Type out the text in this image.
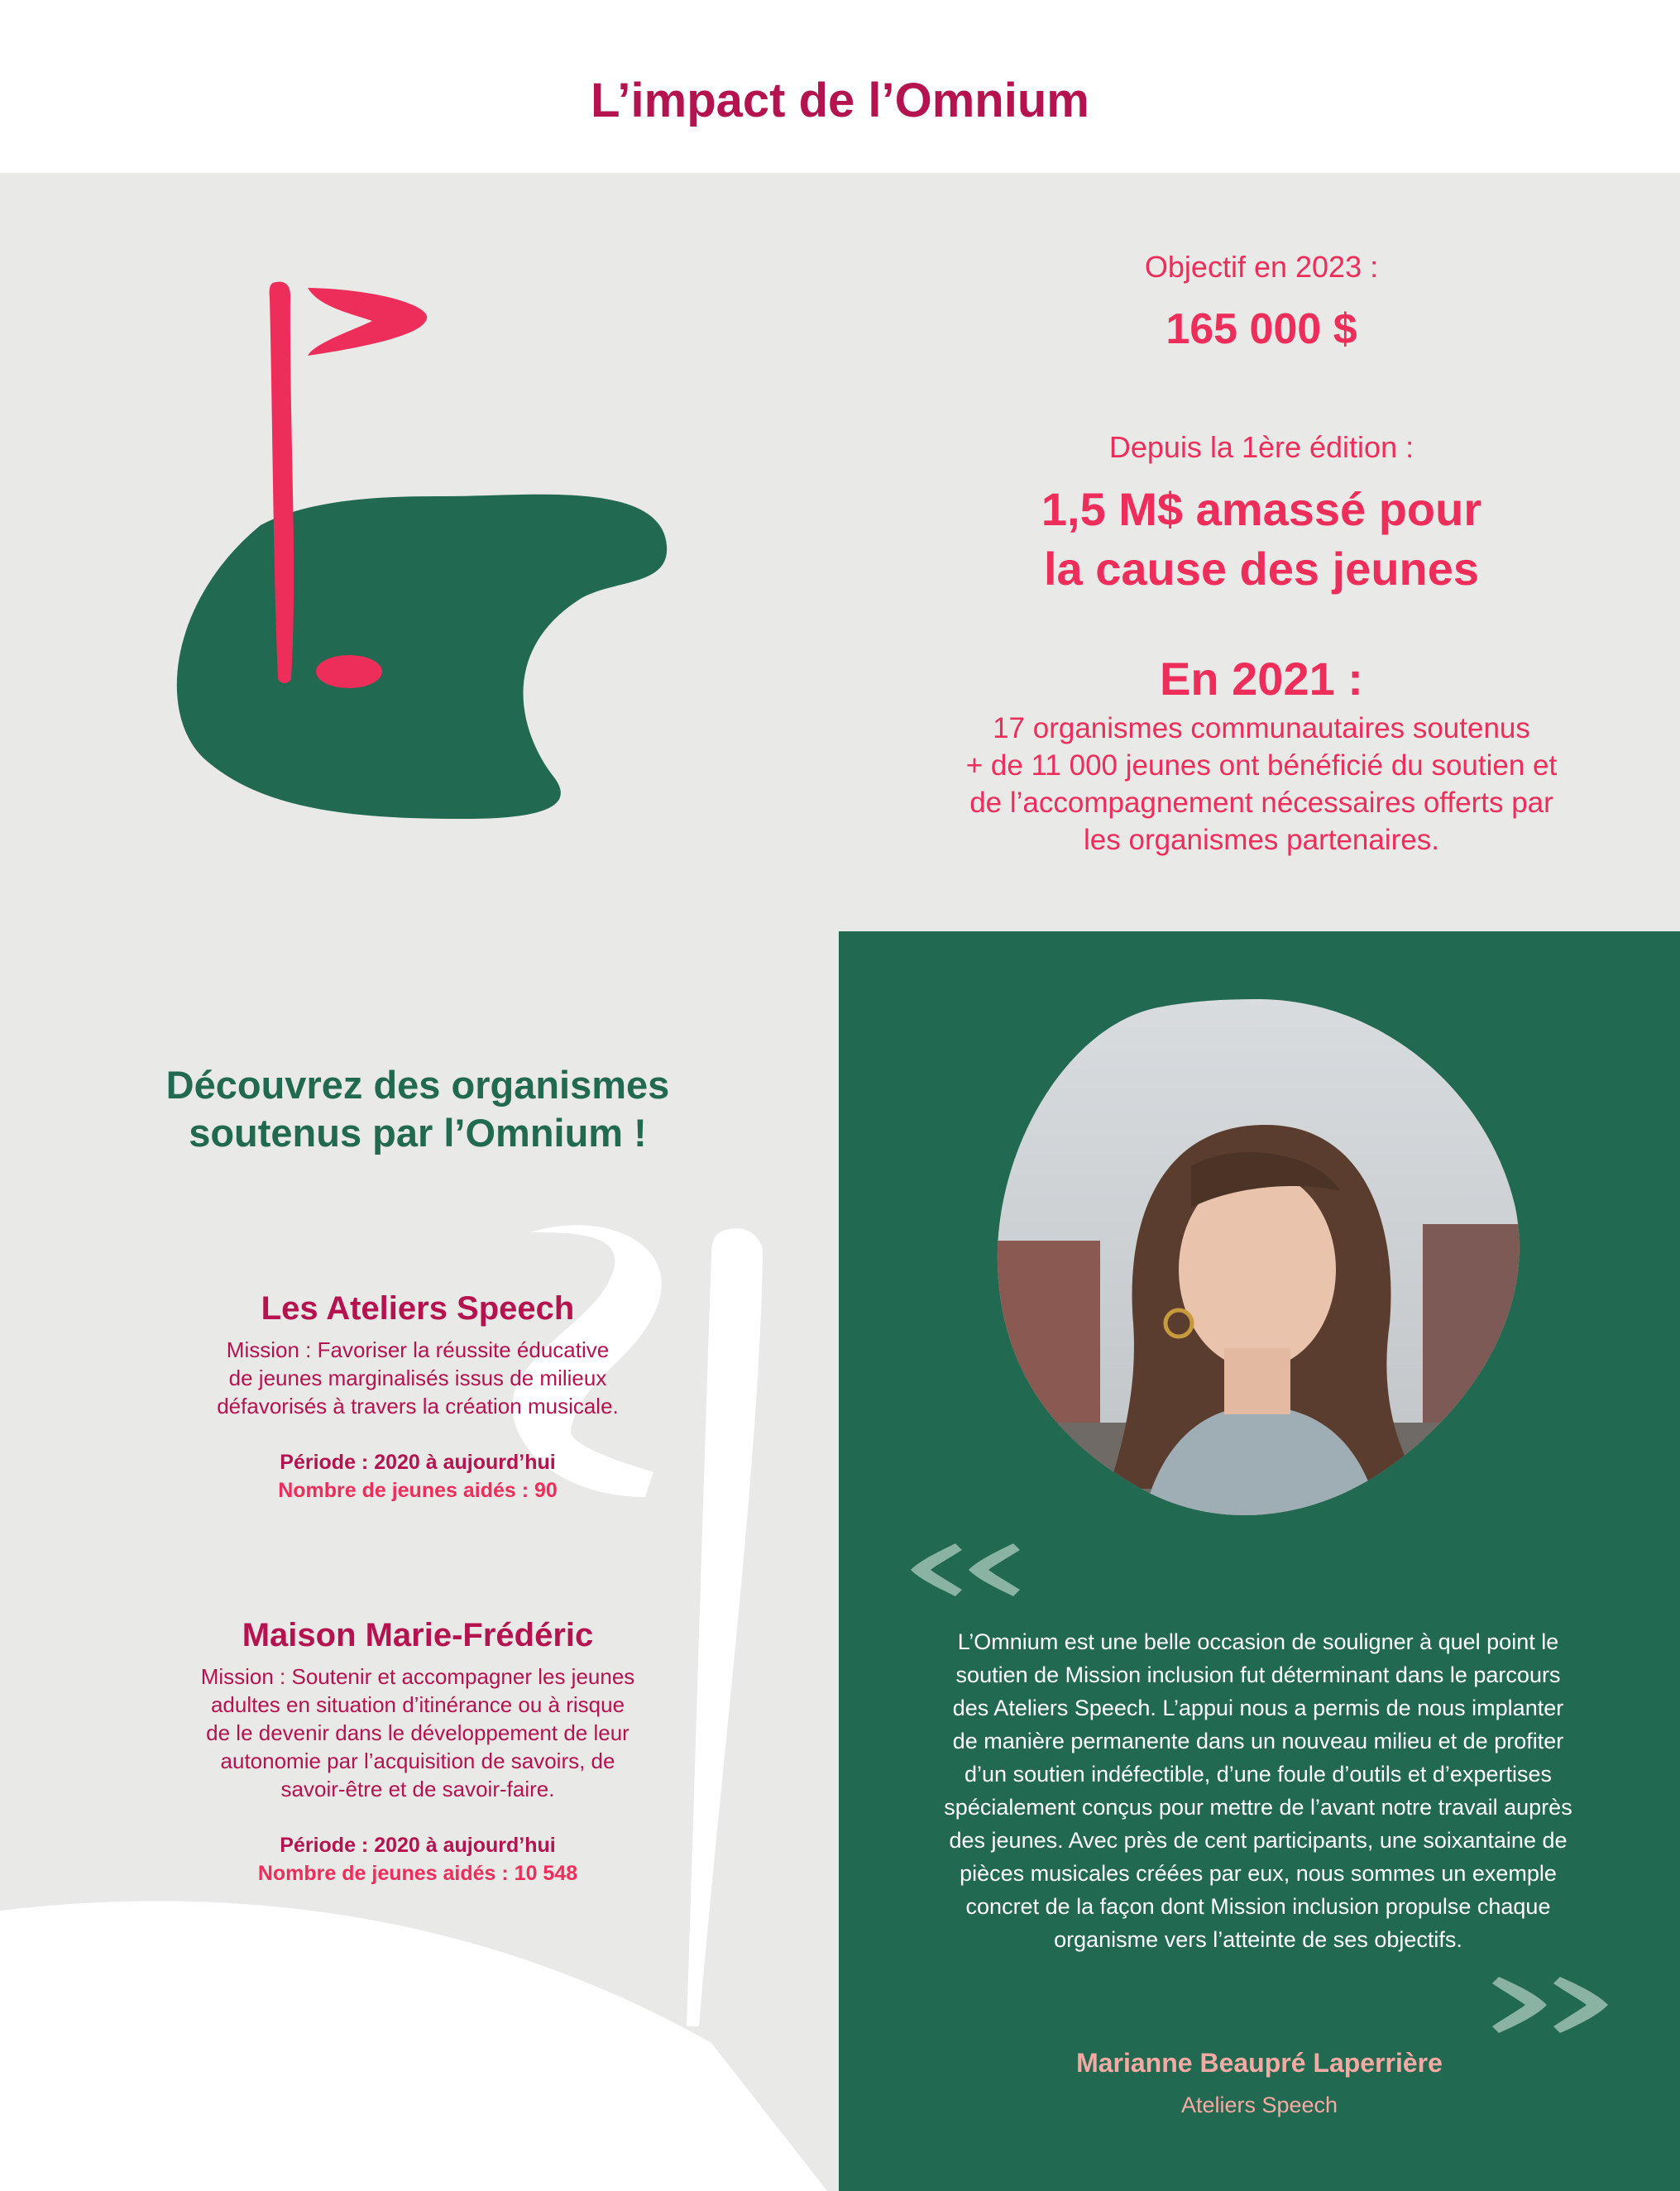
L’impact de l’Omnium
Objectif en 2023 :
165 000 $
Depuis la 1ère édition :
1,5 M$ amassé pour
la cause des jeunes
En 2021 :
17 organismes communautaires soutenus
+ de 11 000 jeunes ont bénéficié du soutien et
de l’accompagnement nécessaires offerts par
les organismes partenaires.
L’Omnium est une belle occasion de souligner à quel point le
soutien de Mission inclusion fut déterminant dans le parcours
des Ateliers Speech. L’appui nous a permis de nous implanter
de manière permanente dans un nouveau milieu et de profiter
d’un soutien indéfectible, d’une foule d’outils et d’expertises
spécialement conçus pour mettre de l’avant notre travail auprès
des jeunes. Avec près de cent participants, une soixantaine de
pièces musicales créées par eux, nous sommes un exemple
concret de la façon dont Mission inclusion propulse chaque
organisme vers l’atteinte de ses objectifs.
Marianne Beaupré Laperrière
Ateliers Speech
Découvrez des organismes
soutenus par l’Omnium !
Les Ateliers Speech
Mission : Favoriser la réussite éducative
de jeunes marginalisés issus de milieux
défavorisés à travers la création musicale.
Période : 2020 à aujourd’hui
Nombre de jeunes aidés : 90
Maison Marie-Frédéric
Mission : Soutenir et accompagner les jeunes
adultes en situation d’itinérance ou à risque
de le devenir dans le développement de leur
autonomie par l’acquisition de savoirs, de
savoir-être et de savoir-faire.
Période : 2020 à aujourd’hui
Nombre de jeunes aidés : 10 548
